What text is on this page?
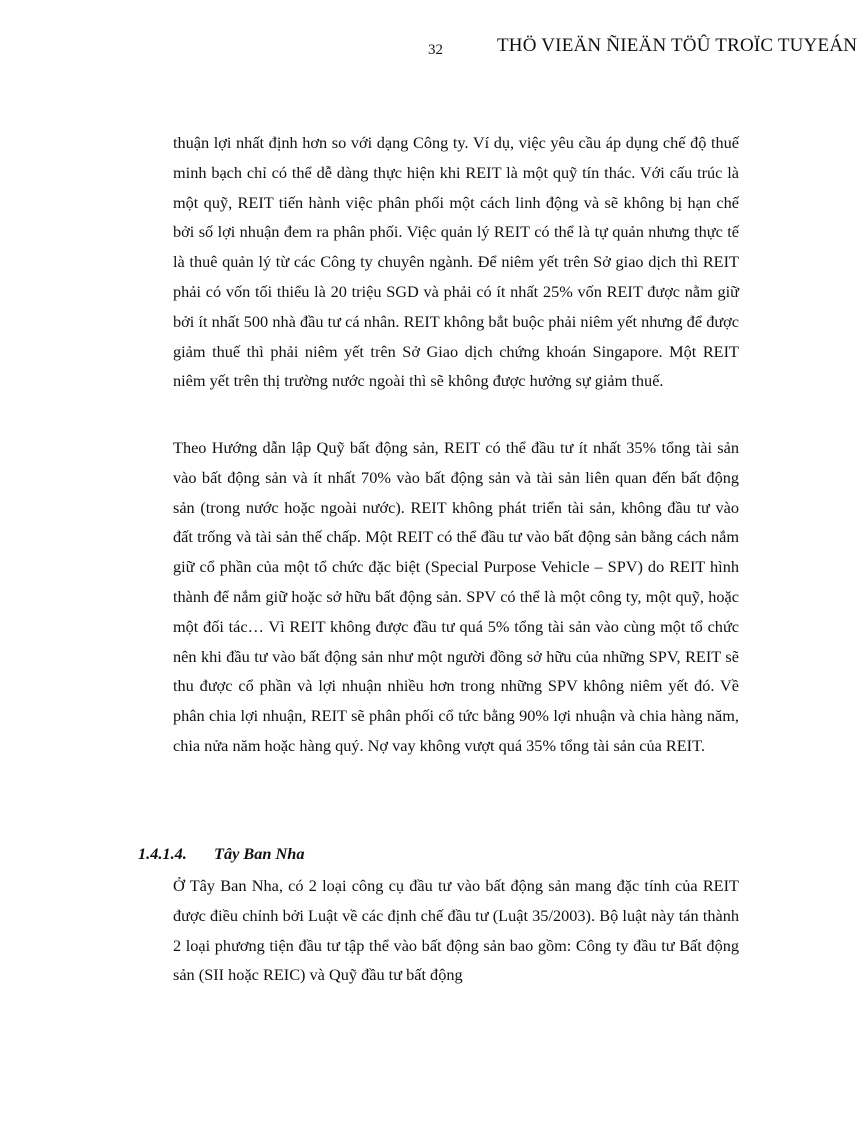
32	THÖ VIEÄN ÑIEÄN TÖÛ TROÏC TUYEÁN

thuận lợi nhất định hơn so với dạng Công ty. Ví dụ, việc yêu cầu áp dụng chế độ thuế minh bạch chỉ có thể dễ dàng thực hiện khi REIT là một quỹ tín thác. Với cấu trúc là một quỹ, REIT tiến hành việc phân phối một cách linh động và sẽ không bị hạn chế bởi số lợi nhuận đem ra phân phối. Việc quản lý REIT có thể là tự quản nhưng thực tế là thuê quản lý từ các Công ty chuyên ngành. Để niêm yết trên Sở giao dịch thì REIT phải có vốn tối thiểu là 20 triệu SGD và phải có ít nhất 25% vốn REIT được nằm giữ bởi ít nhất 500 nhà đầu tư cá nhân. REIT không bắt buộc phải niêm yết nhưng để được giảm thuế thì phải niêm yết trên Sở Giao dịch chứng khoán Singapore. Một REIT niêm yết trên thị trường nước ngoài thì sẽ không được hưởng sự giảm thuế.

Theo Hướng dẫn lập Quỹ bất động sản, REIT có thể đầu tư ít nhất 35% tổng tài sản vào bất động sản và ít nhất 70% vào bất động sản và tài sản liên quan đến bất động sản (trong nước hoặc ngoài nước). REIT không phát triển tài sản, không đầu tư vào đất trống và tài sản thế chấp. Một REIT có thể đầu tư vào bất động sản bằng cách nắm giữ cổ phần của một tổ chức đặc biệt (Special Purpose Vehicle – SPV) do REIT hình thành để nắm giữ hoặc sở hữu bất động sản. SPV có thể là một công ty, một quỹ, hoặc một đối tác… Vì REIT không được đầu tư quá 5% tổng tài sản vào cùng một tổ chức nên khi đầu tư vào bất động sản như một người đồng sở hữu của những SPV, REIT sẽ thu được cổ phần và lợi nhuận nhiều hơn trong những SPV không niêm yết đó. Về phân chia lợi nhuận, REIT sẽ phân phối cổ tức bằng 90% lợi nhuận và chia hàng năm, chia nửa năm hoặc hàng quý. Nợ vay không vượt quá 35% tổng tài sản của REIT.

1.4.1.4. Tây Ban Nha

Ở Tây Ban Nha, có 2 loại công cụ đầu tư vào bất động sản mang đặc tính của REIT được điều chỉnh bởi Luật về các định chế đầu tư (Luật 35/2003). Bộ luật này tán thành 2 loại phương tiện đầu tư tập thể vào bất động sản bao gồm: Công ty đầu tư Bất động sản (SII hoặc REIC) và Quỹ đầu tư bất động
